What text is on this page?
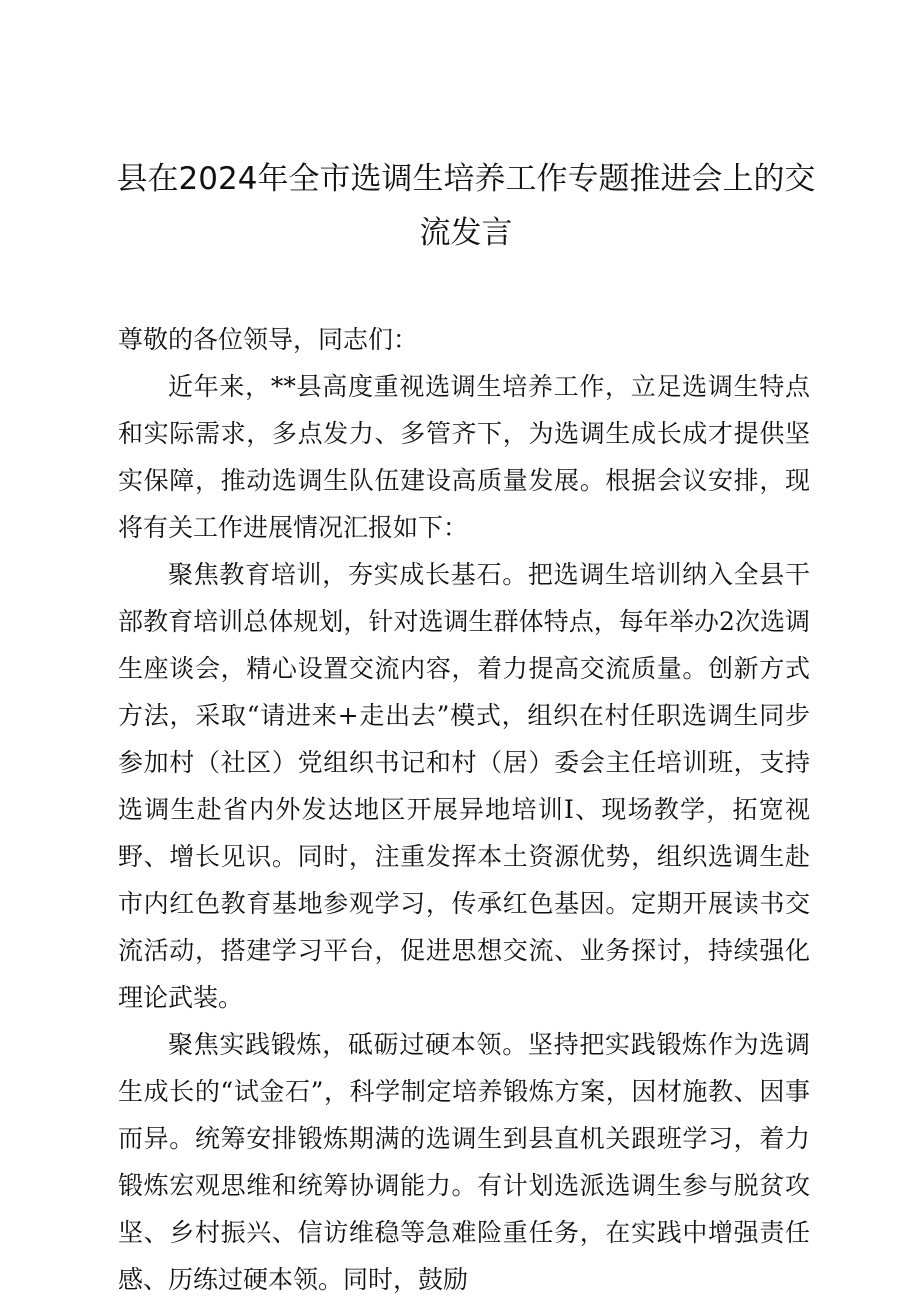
县在2024年全市选调生培养工作专题推进会上的交流发言

尊敬的各位领导，同志们：

近年来，**县高度重视选调生培养工作，立足选调生特点和实际需求，多点发力、多管齐下，为选调生成长成才提供坚实保障，推动选调生队伍建设高质量发展。根据会议安排，现将有关工作进展情况汇报如下：

聚焦教育培训，夯实成长基石。把选调生培训纳入全县干部教育培训总体规划，针对选调生群体特点，每年举办2次选调生座谈会，精心设置交流内容，着力提高交流质量。创新方式方法，采取“请进来+走出去”模式，组织在村任职选调生同步参加村（社区）党组织书记和村（居）委会主任培训班，支持选调生赴省内外发达地区开展异地培训I、现场教学，拓宽视野、增长见识。同时，注重发挥本土资源优势，组织选调生赴市内红色教育基地参观学习，传承红色基因。定期开展读书交流活动，搭建学习平台，促进思想交流、业务探讨，持续强化理论武装。

聚焦实践锻炼，砥砺过硬本领。坚持把实践锻炼作为选调生成长的“试金石”，科学制定培养锻炼方案，因材施教、因事而异。统筹安排锻炼期满的选调生到县直机关跟班学习，着力锻炼宏观思维和统筹协调能力。有计划选派选调生参与脱贫攻坚、乡村振兴、信访维稳等急难险重任务，在实践中增强责任感、历练过硬本领。同时，鼓励
